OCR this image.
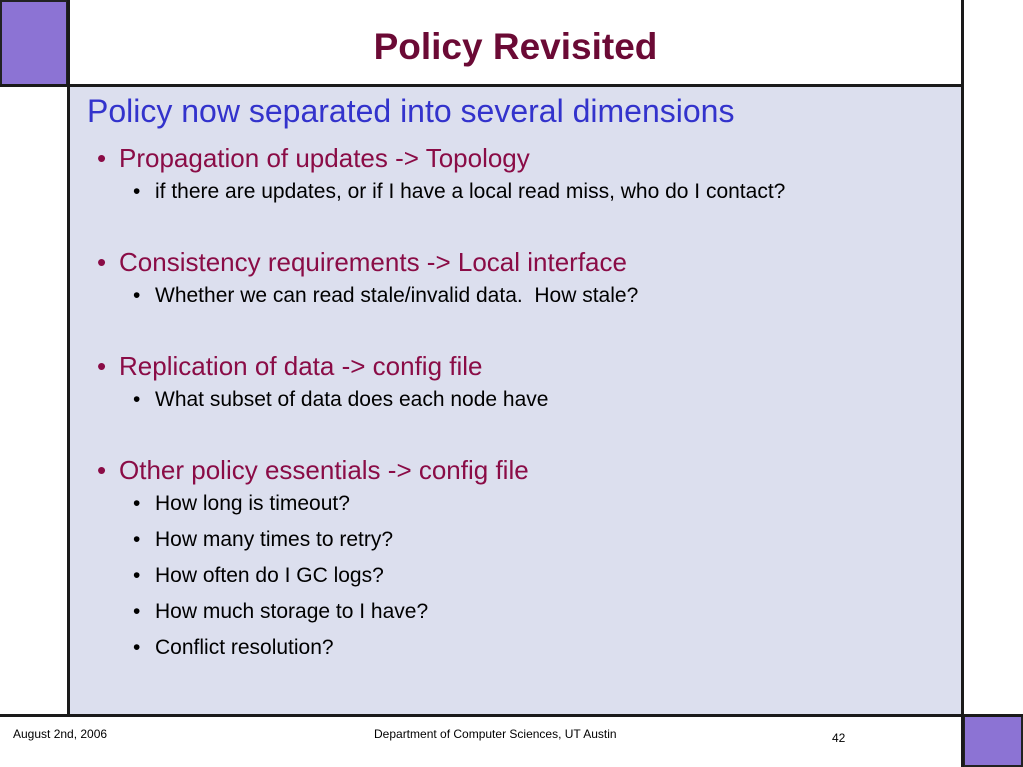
Policy Revisited
Policy now separated into several dimensions
• Propagation of updates -> Topology
• if there are updates, or if I have a local read miss, who do I contact?
• Consistency requirements -> Local interface
• Whether we can read stale/invalid data.  How stale?
• Replication of data -> config file
• What subset of data does each node have
• Other policy essentials -> config file
• How long is timeout?
• How many times to retry?
• How often do I GC logs?
• How much storage to I have?
• Conflict resolution?
August 2nd, 2006	Department of Computer Sciences, UT Austin	42
